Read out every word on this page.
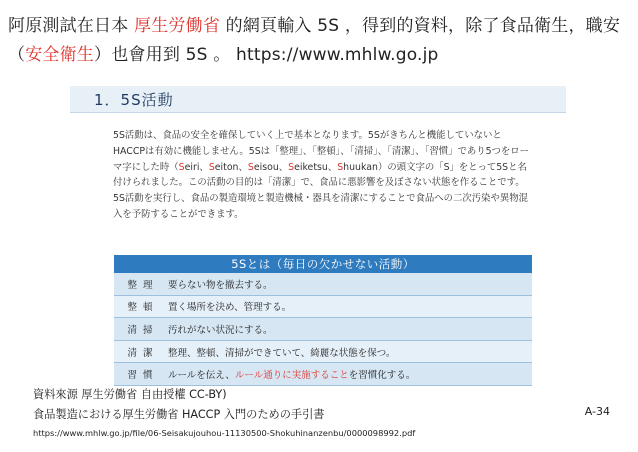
阿原測試在日本 厚生労働省 的網頁輸入 5S ，得到的資料，除了食品衛生，職安（安全衛生）也會用到 5S 。 https://www.mhlw.go.jp
1．5S活動
5S活動は、食品の安全を確保していく上で基本となります。5Sがきちんと機能していないとHACCPは有効に機能しません。5Sは「整理」、「整頓」、「清掃」、「清潔」、「習慣」であり5つをローマ字にした時（Seiri、Seiton、Seisou、Seiketsu、Shuukan）の頭文字の「S」をとって5Sと名付けられました。この活動の目的は「清潔」で、食品に悪影響を及ぼさない状態を作ることです。5S活動を実行し、食品の製造環境と製造機械・器具を清潔にすることで食品への二次汚染や異物混入を予防することができます。
5Sとは（毎日の欠かせない活動）
整理	要らない物を撤去する。
整頓	置く場所を決め、管理する。
清掃	汚れがない状況にする。
清潔	整理、整頓、清掃ができていて、綺麗な状態を保つ。
習慣	ルールを伝え、ルール通りに実施することを習慣化する。
資料來源 厚生労働省 自由授權 CC-BY)
食品製造における厚生労働省 HACCP 入門のための手引書
https://www.mhlw.go.jp/file/06-Seisakujouhou-11130500-Shokuhinanzenbu/0000098992.pdf
A-34
